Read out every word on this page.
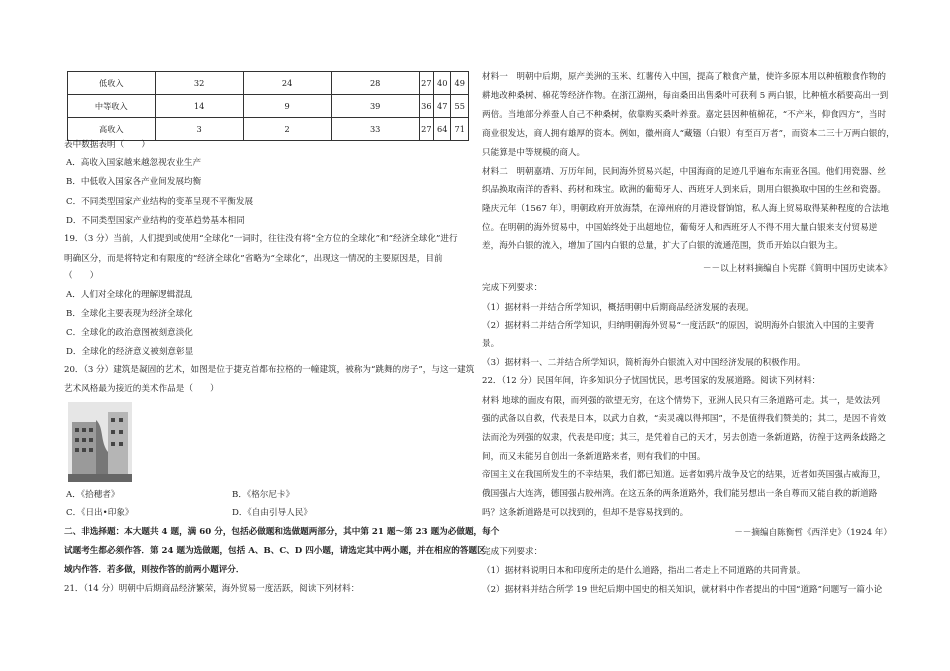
低收入	32	24	28	27	40	49
中等收入	14	9	39	36	47	55
高收入	3	2	33	27	64	71
表中数据表明（　　）
A．高收入国家越来越忽视农业生产
B．中低收入国家各产业间发展均衡
C．不同类型国家产业结构的变革呈现不平衡发展
D．不同类型国家产业结构的变革趋势基本相同
19．（3 分）当前，人们提到或使用“全球化”一词时，往往没有将“全方位的全球化”和“经济全球化”进行
明确区分，而是将特定和有限度的“经济全球化”省略为“全球化”，出现这一情况的主要原因是，目前
（　　）
A．人们对全球化的理解逻辑混乱
B．全球化主要表现为经济全球化
C．全球化的政治意图被刻意淡化
D．全球化的经济意义被刻意彰显
20．（3 分）建筑是凝固的艺术，如图是位于捷克首都布拉格的一幢建筑，被称为“跳舞的房子”，与这一建筑
艺术风格最为接近的美术作品是（　　）
A．《拾穗者》	B．《格尔尼卡》
C．《日出•印象》	D．《自由引导人民》
二、非选择题：本大题共 4 题，满 60 分，包括必做题和选做题两部分，其中第 21 题～第 23 题为必做题，每个
试题考生都必须作答．第 24 题为选做题，包括 A、B、C、D 四小题，请选定其中两小题，并在相应的答题区
域内作答．若多做，则按作答的前两小题评分．
21．（14 分）明朝中后期商品经济繁荣，海外贸易一度活跃，阅读下列材料：
材料一　明朝中后期，原产美洲的玉米、红薯传入中国，提高了粮食产量，使许多原本用以种植粮食作物的
耕地改种桑树、棉花等经济作物。在浙江湖州，每亩桑田出售桑叶可获利 5 两白银，比种植水稻要高出一到
两倍。当地部分养蚕人自己不种桑树，依靠购买桑叶养蚕。嘉定县因种植棉花，“不产米，仰食四方”，当时
商业很发达，商人拥有雄厚的资本。例如，徽州商人“藏镪（白银）有至百万者”，而资本二三十万两白银的，
只能算是中等规模的商人。
材料二　明朝嘉靖、万历年间，民间海外贸易兴起，中国海商的足迹几乎遍布东南亚各国。他们用瓷器、丝
织品换取南洋的香料、药材和珠宝。欧洲的葡萄牙人、西班牙人到来后，則用白银换取中国的生丝和瓷器。
隆庆元年（1567 年），明朝政府开放海禁，在漳州府的月港设督饷馆，私人海上贸易取得某种程度的合法地
位。在明朝的海外贸易中，中国始终处于出超地位，葡萄牙人和西班牙人不得不用大量白银来支付贸易逆
差，海外白银的流入，增加了国内白银的总量，扩大了白银的流通范围，货币开始以白银为主。
－－以上材料摘编自卜宪群《简明中国历史读本》
完成下列要求：
（1）据材料一并结合所学知识，概括明朝中后期商品经济发展的表现。
（2）据材料二并结合所学知识，归纳明朝海外贸易“一度活跃”的原因，说明海外白银流入中国的主要背
景。
（3）据材料一、二并结合所学知识，简析海外白银流入对中国经济发展的积极作用。
22．（12 分）民国年间，许多知识分子忧国忧民，思考国家的发展道路。阅读下列材料：
材料 地球的面皮有限，而列强的欲望无穷，在这个情势下，亚洲人民只有三条道路可走。其一，是效法列
强的武备以自救，代表是日本，以武力自救，“卖灵魂以得邦国”，不是值得我们赞美的；其二，是因不肯效
法而沦为列强的奴隶，代表是印度；其三，是凭着自己的天才，另去创造一条新道路，彷徨于这两条歧路之
间，而又未能另自创出一条新道路来者，则有我们的中国。
帝国主义在我国所发生的不幸结果，我们都已知道。远者如鸦片战争及它的结果，近者如英国强占威海卫，
俄国强占大连湾，德国强占胶州湾。在这五条的两条道路外，我们能另想出一条自尊而又能自救的新道路
吗？这条新道路是可以找到的，但却不是容易找到的。
－－摘编自陈衡哲《西洋史》（1924 年）
完成下列要求：
（1）据材料说明日本和印度所走的是什么道路，指出二者走上不同道路的共同背景。
（2）据材料并结合所学 19 世纪后期中国史的相关知识，就材料中作者提出的中国“道路”问题写一篇小论
